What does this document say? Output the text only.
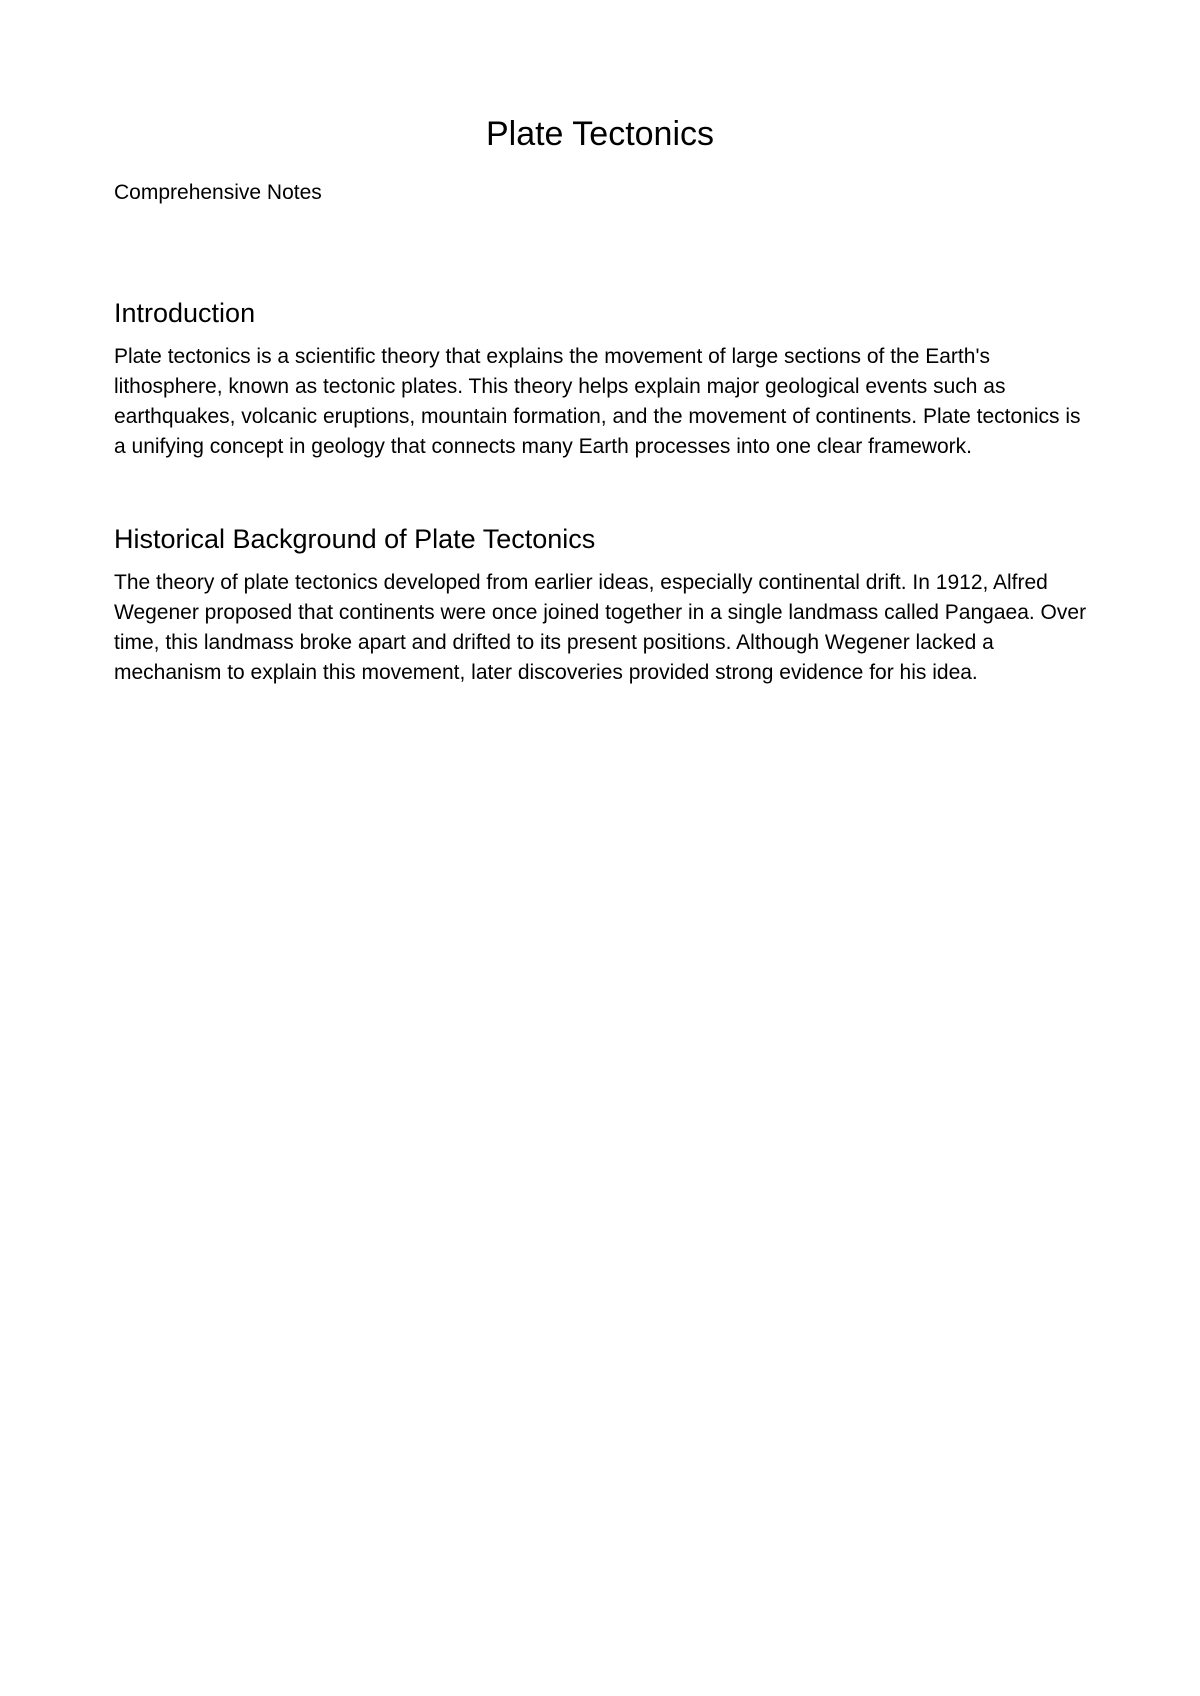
Plate Tectonics

Comprehensive Notes

Introduction

Plate tectonics is a scientific theory that explains the movement of large sections of the Earth's lithosphere, known as tectonic plates. This theory helps explain major geological events such as earthquakes, volcanic eruptions, mountain formation, and the movement of continents. Plate tectonics is a unifying concept in geology that connects many Earth processes into one clear framework.

Historical Background of Plate Tectonics

The theory of plate tectonics developed from earlier ideas, especially continental drift. In 1912, Alfred Wegener proposed that continents were once joined together in a single landmass called Pangaea. Over time, this landmass broke apart and drifted to its present positions. Although Wegener lacked a mechanism to explain this movement, later discoveries provided strong evidence for his idea.
